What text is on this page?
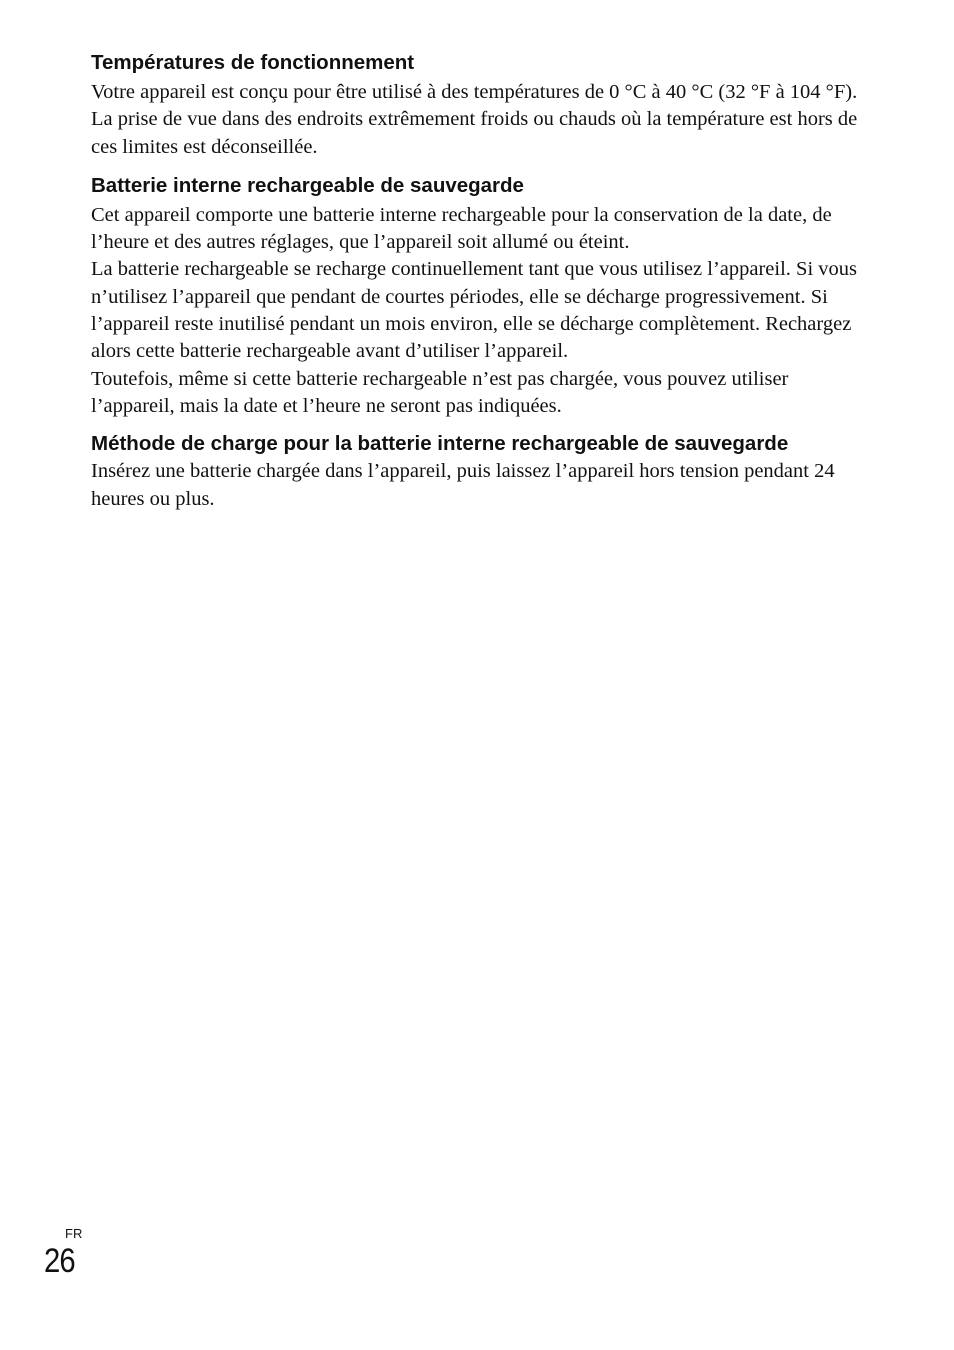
Températures de fonctionnement

Votre appareil est conçu pour être utilisé à des températures de 0 °C à 40 °C (32 °F à 104 °F). La prise de vue dans des endroits extrêmement froids ou chauds où la température est hors de ces limites est déconseillée.

Batterie interne rechargeable de sauvegarde

Cet appareil comporte une batterie interne rechargeable pour la conservation de la date, de l’heure et des autres réglages, que l’appareil soit allumé ou éteint.

La batterie rechargeable se recharge continuellement tant que vous utilisez l’appareil. Si vous n’utilisez l’appareil que pendant de courtes périodes, elle se décharge progressivement. Si l’appareil reste inutilisé pendant un mois environ, elle se décharge complètement. Rechargez alors cette batterie rechargeable avant d’utiliser l’appareil.

Toutefois, même si cette batterie rechargeable n’est pas chargée, vous pouvez utiliser l’appareil, mais la date et l’heure ne seront pas indiquées.

Méthode de charge pour la batterie interne rechargeable de sauvegarde

Insérez une batterie chargée dans l’appareil, puis laissez l’appareil hors tension pendant 24 heures ou plus.

FR
26
